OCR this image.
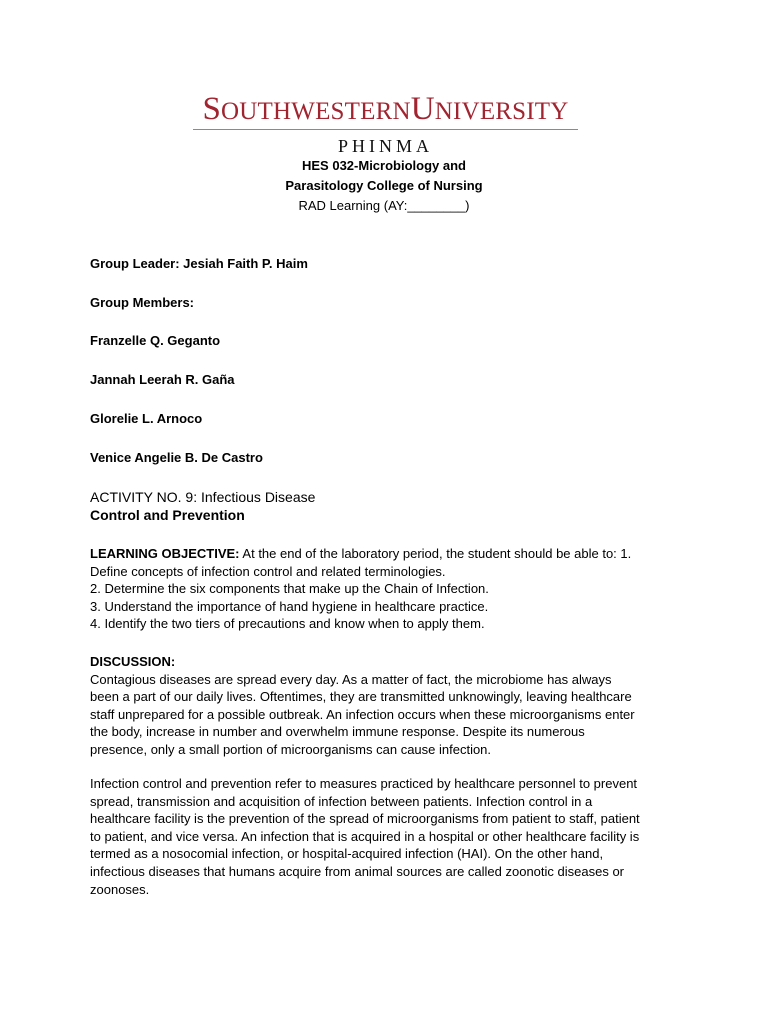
SOUTHWESTERNUNIVERSITY
PHINMA
HES 032-Microbiology and
Parasitology College of Nursing
RAD Learning (AY:________)
Group Leader: Jesiah Faith P. Haim
Group Members:
Franzelle Q. Geganto
Jannah Leerah R. Gaña
Glorelie L. Arnoco
Venice Angelie B. De Castro
ACTIVITY NO. 9: Infectious Disease
Control and Prevention
LEARNING OBJECTIVE: At the end of the laboratory period, the student should be able to: 1.
Define concepts of infection control and related terminologies.
2. Determine the six components that make up the Chain of Infection.
3. Understand the importance of hand hygiene in healthcare practice.
4. Identify the two tiers of precautions and know when to apply them.
DISCUSSION:
Contagious diseases are spread every day. As a matter of fact, the microbiome has always
been a part of our daily lives. Oftentimes, they are transmitted unknowingly, leaving healthcare
staff unprepared for a possible outbreak. An infection occurs when these microorganisms enter
the body, increase in number and overwhelm immune response. Despite its numerous
presence, only a small portion of microorganisms can cause infection.
Infection control and prevention refer to measures practiced by healthcare personnel to prevent
spread, transmission and acquisition of infection between patients. Infection control in a
healthcare facility is the prevention of the spread of microorganisms from patient to staff, patient
to patient, and vice versa. An infection that is acquired in a hospital or other healthcare facility is
termed as a nosocomial infection, or hospital-acquired infection (HAI). On the other hand,
infectious diseases that humans acquire from animal sources are called zoonotic diseases or
zoonoses.
